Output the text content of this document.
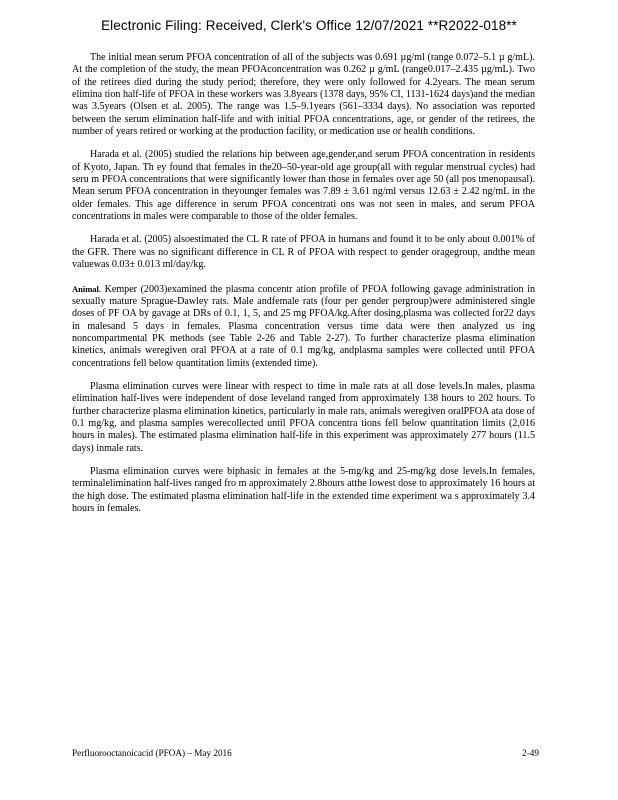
Electronic Filing: Received, Clerk's Office 12/07/2021 **R2022-018**

The initial mean serum PFOA concentration of all of the subjects was 0.691 µg/ml (range 0.072–5.1 µ g/mL). At the completion of the study, the mean PFOAconcentration was 0.262 µ g/mL (range0.017–2.435 µg/mL). Two of the retirees died during the study period; therefore, they were only followed for 4.2years. The mean serum elimina tion half-life of PFOA in these workers was 3.8years (1378 days, 95% CI, 1131-1624 days)and the median was 3.5years (Olsen et al. 2005). The range was 1.5–9.1years (561–3334 days). No association was reported between the serum elimination half-life and with initial PFOA concentrations, age, or gender of the retirees, the number of years retired or working at the production facility, or medication use or health conditions.

Harada et al. (2005) studied the relations hip between age,gender,and serum PFOA concentration in residents of Kyoto, Japan. Th ey found that females in the20–50-year-old age group(all with regular menstrual cycles) had seru m PFOA concentrations that were significantly lower than those in females over age 50 (all pos tmenopausal). Mean serum PFOA concentration in theyounger females was 7.89 ± 3.61 ng/ml versus 12.63 ± 2.42 ng/mL in the older females. This age difference in serum PFOA concentrati ons was not seen in males, and serum PFOA concentrations in males were comparable to those of the older females.

Harada et al. (2005) alsoestimated the CL R rate of PFOA in humans and found it to be only about 0.001% of the GFR. There was no significant difference in CL R of PFOA with respect to gender oragegroup, andthe mean valuewas 0.03± 0.013 ml/day/kg.

Animal. Kemper (2003)examined the plasma concentr ation profile of PFOA following gavage administration in sexually mature Sprague-Dawley rats. Male andfemale rats (four per gender pergroup)were administered single doses of PF OA by gavage at DRs of 0.1, 1, 5, and 25 mg PFOA/kg.After dosing,plasma was collected for22 days in malesand 5 days in females. Plasma concentration versus time data were then analyzed us ing noncompartmental PK methods (see Table 2-26 and Table 2-27). To further characterize plasma elimination kinetics, animals weregiven oral PFOA at a rate of 0.1 mg/kg, andplasma samples were collected until PFOA concentrations fell below quantitation limits (extended time).

Plasma elimination curves were linear with respect to time in male rats at all dose levels.In males, plasma elimination half-lives were independent of dose leveland ranged from approximately 138 hours to 202 hours. To further characterize plasma elimination kinetics, particularly in male rats, animals weregiven oralPFOA ata dose of 0.1 mg/kg, and plasma samples werecollected until PFOA concentra tions fell below quantitation limits (2,016 hours in males). The estimated plasma elimination half-life in this experiment was approximately 277 hours (11.5 days) inmale rats.

Plasma elimination curves were biphasic in females at the 5-mg/kg and 25-mg/kg dose levels.In females, terminalelimination half-lives ranged fro m approximately 2.8hours atthe lowest dose to approximately 16 hours at the high dose. The estimated plasma elimination half-life in the extended time experiment wa s approximately 3.4 hours in females.

Perfluorooctanoicacid (PFOA) – May 2016	2-49
